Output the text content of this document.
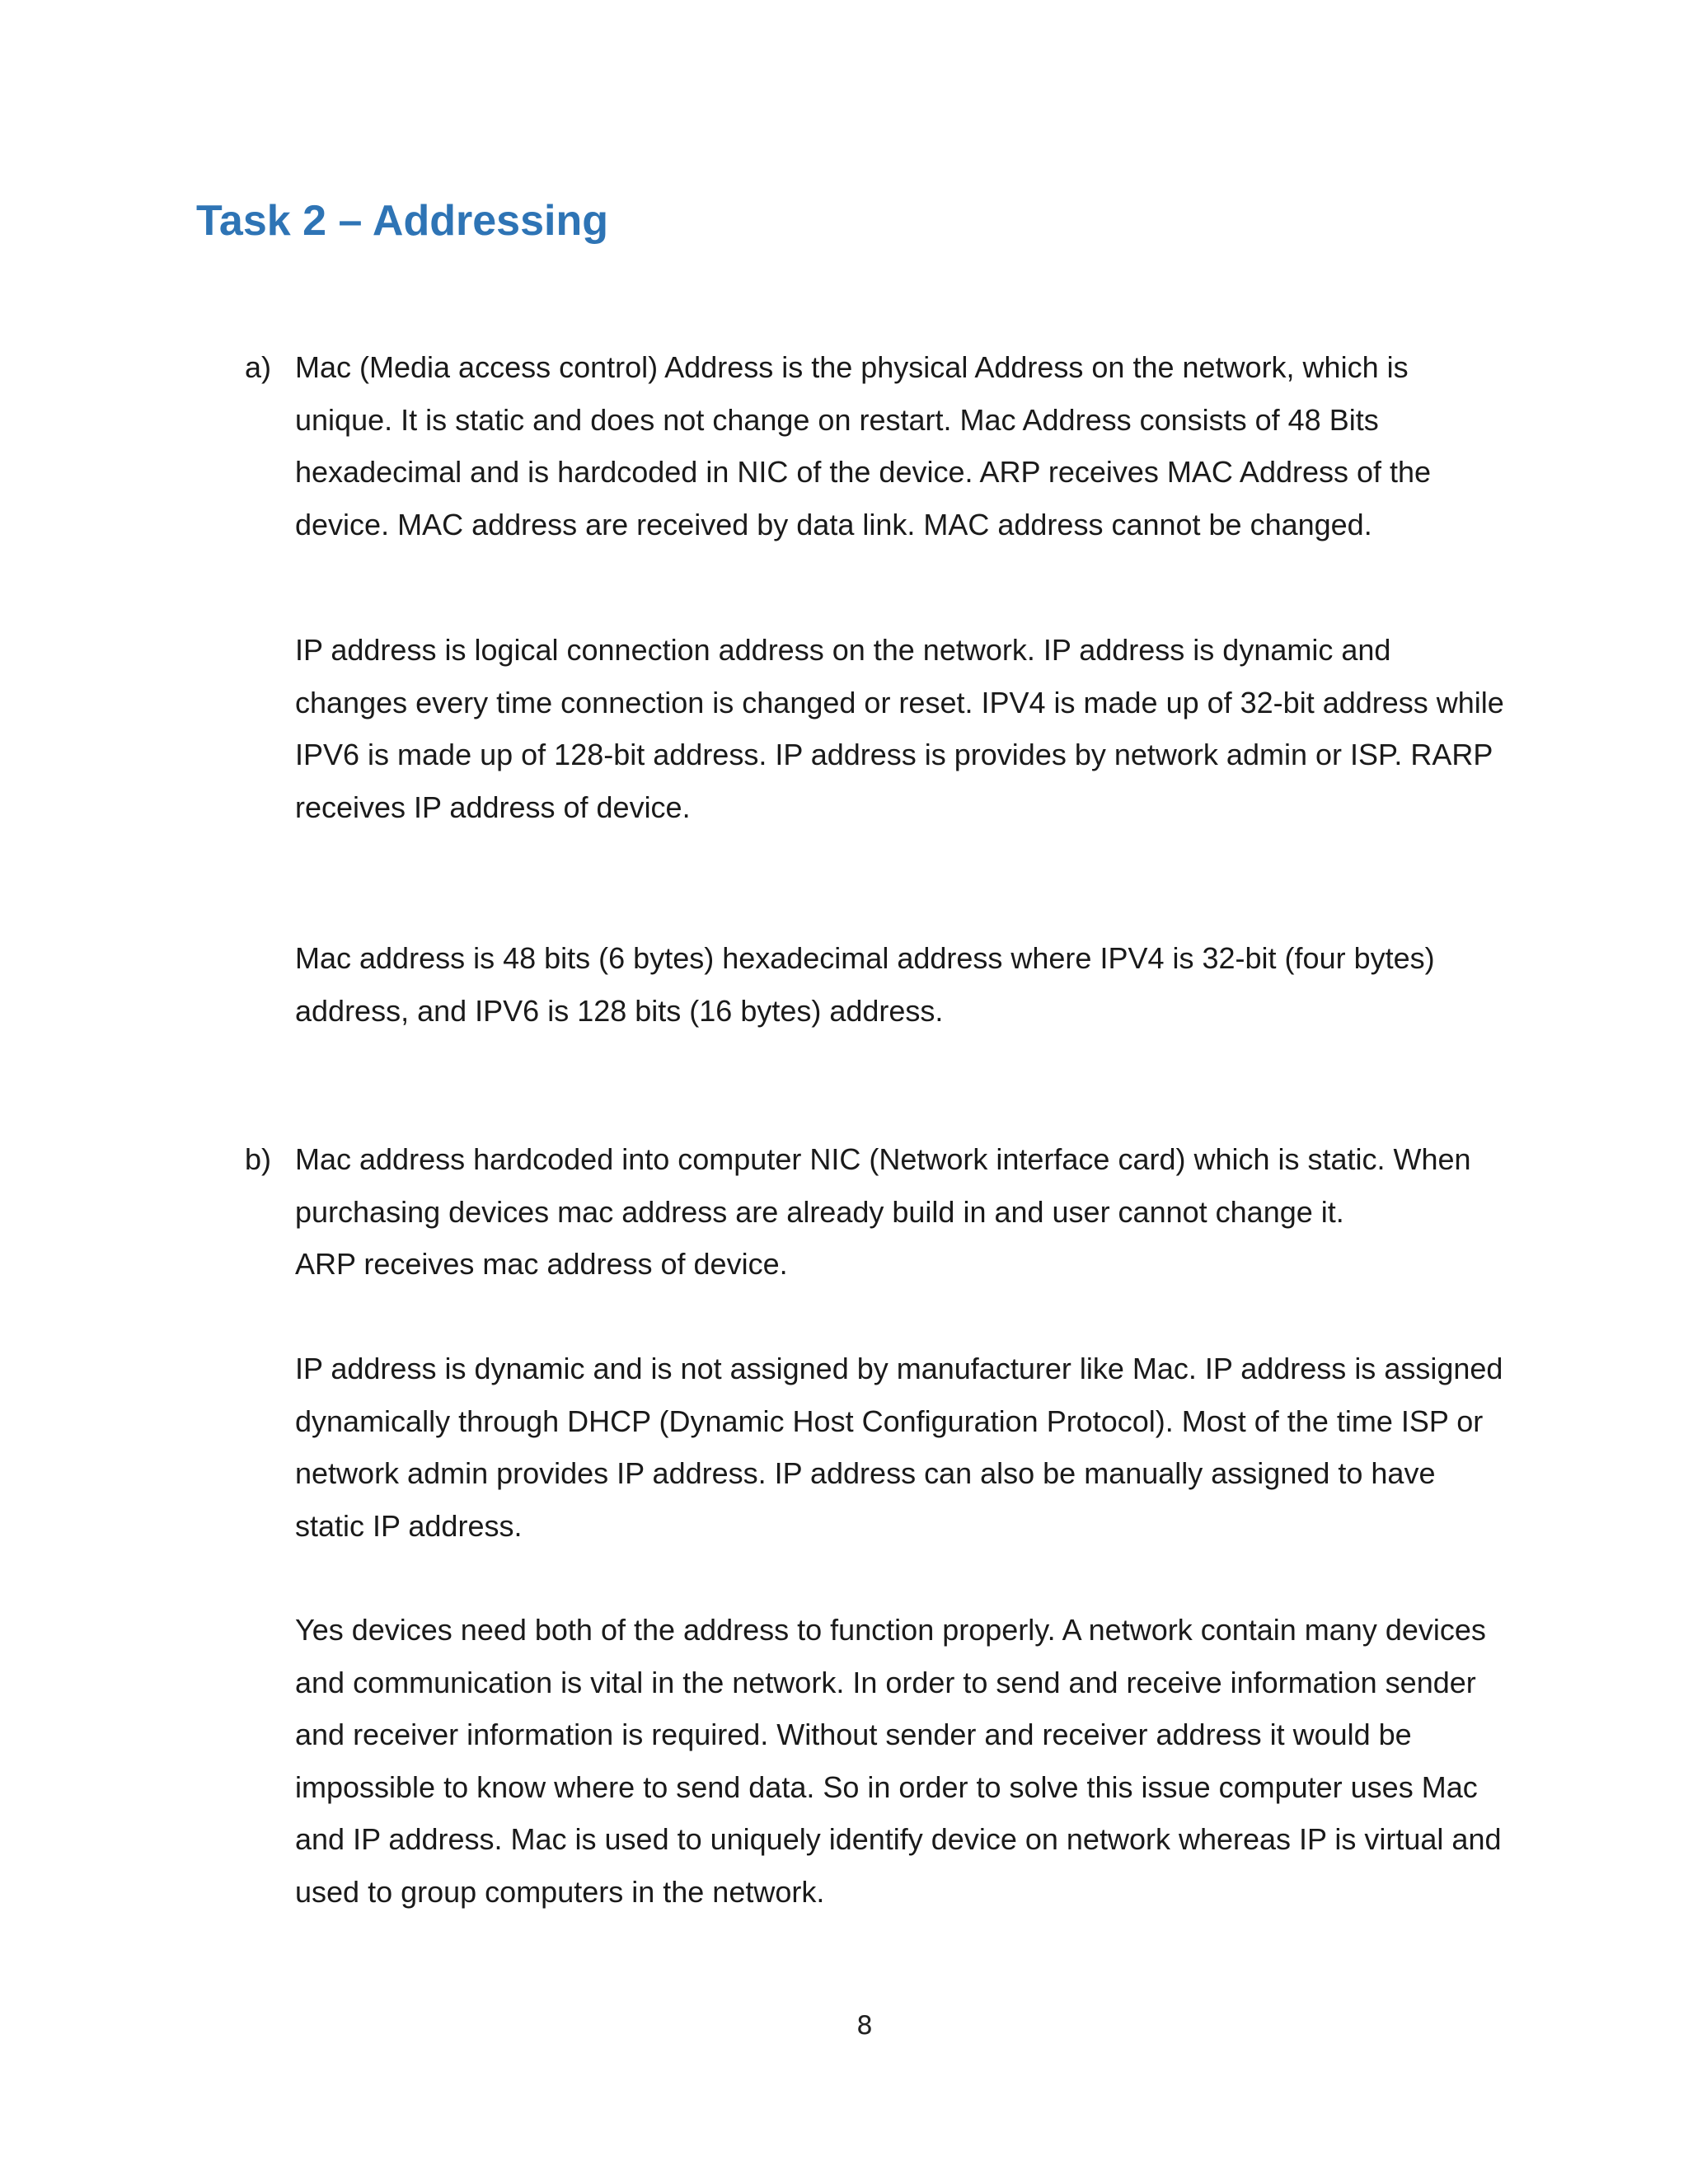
Task 2 – Addressing
a) Mac (Media access control) Address is the physical Address on the network, which is
unique. It is static and does not change on restart. Mac Address consists of 48 Bits
hexadecimal and is hardcoded in NIC of the device. ARP receives MAC Address of the
device. MAC address are received by data link. MAC address cannot be changed.
IP address is logical connection address on the network. IP address is dynamic and
changes every time connection is changed or reset. IPV4 is made up of 32-bit address while
IPV6 is made up of 128-bit address. IP address is provides by network admin or ISP. RARP
receives IP address of device.
Mac address is 48 bits (6 bytes) hexadecimal address where IPV4 is 32-bit (four bytes)
address, and IPV6 is 128 bits (16 bytes) address.
b) Mac address hardcoded into computer NIC (Network interface card) which is static. When
purchasing devices mac address are already build in and user cannot change it.
ARP receives mac address of device.
IP address is dynamic and is not assigned by manufacturer like Mac. IP address is assigned
dynamically through DHCP (Dynamic Host Configuration Protocol). Most of the time ISP or
network admin provides IP address. IP address can also be manually assigned to have
static IP address.
Yes devices need both of the address to function properly. A network contain many devices
and communication is vital in the network. In order to send and receive information sender
and receiver information is required. Without sender and receiver address it would be
impossible to know where to send data. So in order to solve this issue computer uses Mac
and IP address. Mac is used to uniquely identify device on network whereas IP is virtual and
used to group computers in the network.
8
